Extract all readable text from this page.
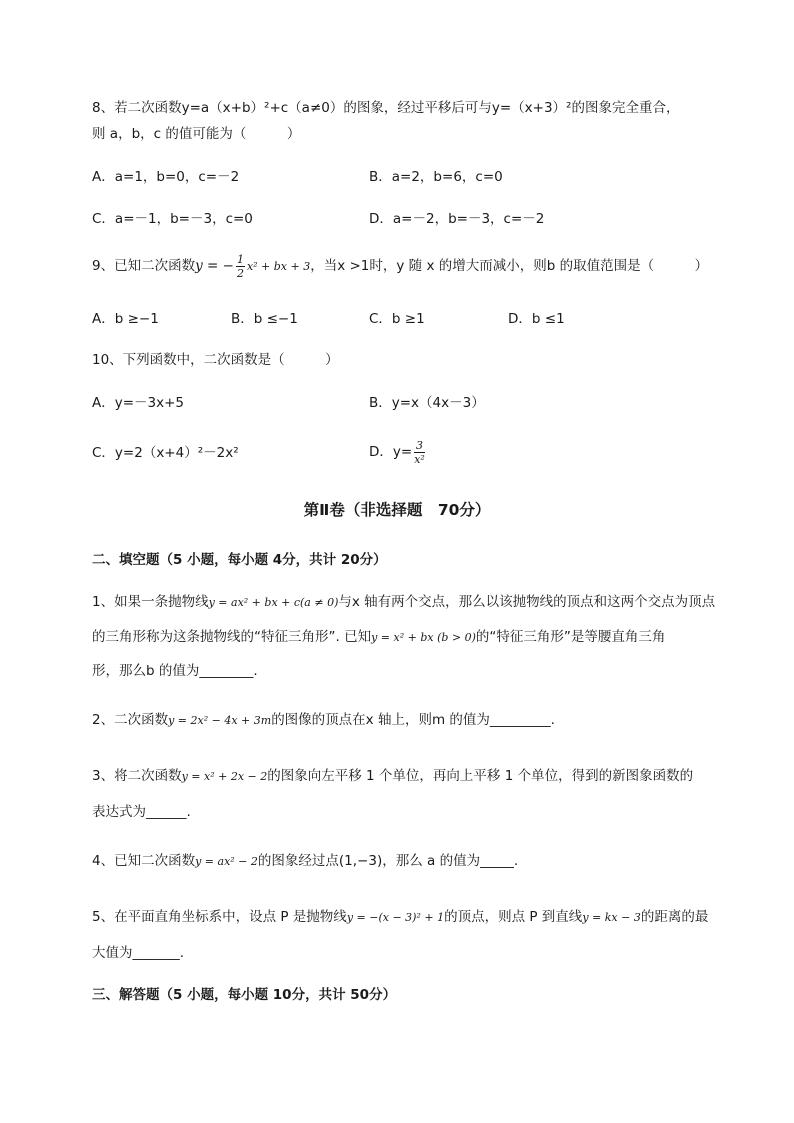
8、若二次函数y=a（x+b）²+c（a≠0）的图象，经过平移后可与y=（x+3）²的图象完全重合，
则 a，b，c 的值可能为（　　　）
A．a=1，b=0，c=－2	B．a=2，b=6，c=0
C．a=－1，b=－3，c=0	D．a=－2，b=－3，c=－2
9、已知二次函数y = − $\frac{1}{2} x^2$ + bx + 3，当x >1时，y 随 x 的增大而减小，则b 的取值范围是（　　　）
A．b ≥−1	B．b ≤−1	C．b ≥1	D．b ≤1
10、下列函数中，二次函数是（　　　）
A．y=－3x+5	B．y=x（4x－3）
C．y=2（x+4）²－2x²	D．$y= \frac{3}{\text{x²}}$
第Ⅱ卷（非选择题　70分）
二、填空题（5 小题，每小题 4分，共计 20分）
1、如果一条抛物线y = ax² + bx + c(a ≠ 0)与x 轴有两个交点，那么以该抛物线的顶点和这两个交点为顶点
的三角形称为这条抛物线的“特征三角形”. 已知y = x² + bx (b > 0)的“特征三角形”是等腰直角三角
形，那么b 的值为________.
2、二次函数y = 2x² − 4x + 3m的图像的顶点在x 轴上，则m 的值为_________.
3、将二次函数y = x² + 2x − 2的图象向左平移 1 个单位，再向上平移 1 个单位，得到的新图象函数的
表达式为______.
4、已知二次函数y = ax² − 2的图象经过点(1,−3)，那么 a 的值为_____.
5、在平面直角坐标系中，设点 P 是抛物线y = −(x − 3)² + 1的顶点，则点 P 到直线y = kx − 3的距离的最
大值为_______.
三、解答题（5 小题，每小题 10分，共计 50分）
